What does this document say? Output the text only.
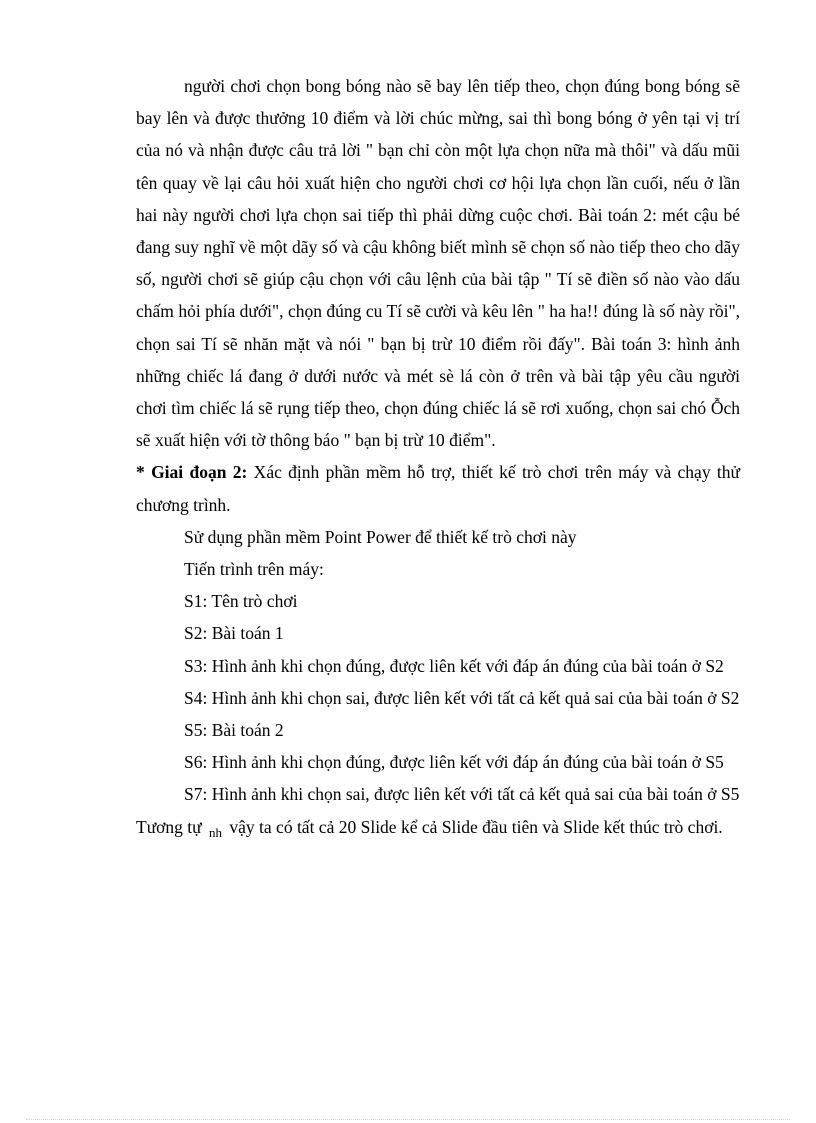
người chơi chọn bong bóng nào sẽ bay lên tiếp theo, chọn đúng bong bóng sẽ bay lên và được thưởng 10 điểm và lời chúc mừng, sai thì bong bóng ở yên tại vị trí của nó và nhận được câu trả lời " bạn chỉ còn một lựa chọn nữa mà thôi" và dấu mũi tên quay về lại câu hỏi xuất hiện cho người chơi cơ hội lựa chọn lần cuối, nếu ở lần hai này người chơi lựa chọn sai tiếp thì phải dừng cuộc chơi. Bài toán 2: mét cậu bé đang suy nghĩ về một dãy số và cậu không biết mình sẽ chọn số nào tiếp theo cho dãy số, người chơi sẽ giúp cậu chọn với câu lệnh của bài tập " Tí sẽ điền số nào vào dấu chấm hỏi phía dưới", chọn đúng cu Tí sẽ cười và kêu lên " ha ha!! đúng là số này rồi", chọn sai Tí sẽ nhăn mặt và nói " bạn bị trừ 10 điểm rồi đấy". Bài toán 3: hình ảnh những chiếc lá đang ở dưới nước và mét sè lá còn ở trên và bài tập yêu cầu người chơi tìm chiếc lá sẽ rụng tiếp theo, chọn đúng chiếc lá sẽ rơi xuống, chọn sai chó Ỗch sẽ xuất hiện với tờ thông báo " bạn bị trừ 10 điểm".

* Giai đoạn 2: Xác định phần mềm hỗ trợ, thiết kế trò chơi trên máy và chạy thử chương trình.

Sử dụng phần mềm Point Power để thiết kế trò chơi này

Tiến trình trên máy:

S1: Tên trò chơi

S2: Bài toán 1

S3: Hình ảnh khi chọn đúng, được liên kết với đáp án đúng của bài toán ở S2

S4: Hình ảnh khi chọn sai, được liên kết với tất cả kết quả sai của bài toán ở S2

S5: Bài toán 2

S6: Hình ảnh khi chọn đúng, được liên kết với đáp án đúng của bài toán ở S5

S7: Hình ảnh khi chọn sai, được liên kết với tất cả kết quả sai của bài toán ở S5

Tương tự $_{nh}$ vậy ta có tất cả 20 Slide kể cả Slide đầu tiên và Slide kết thúc trò chơi.
